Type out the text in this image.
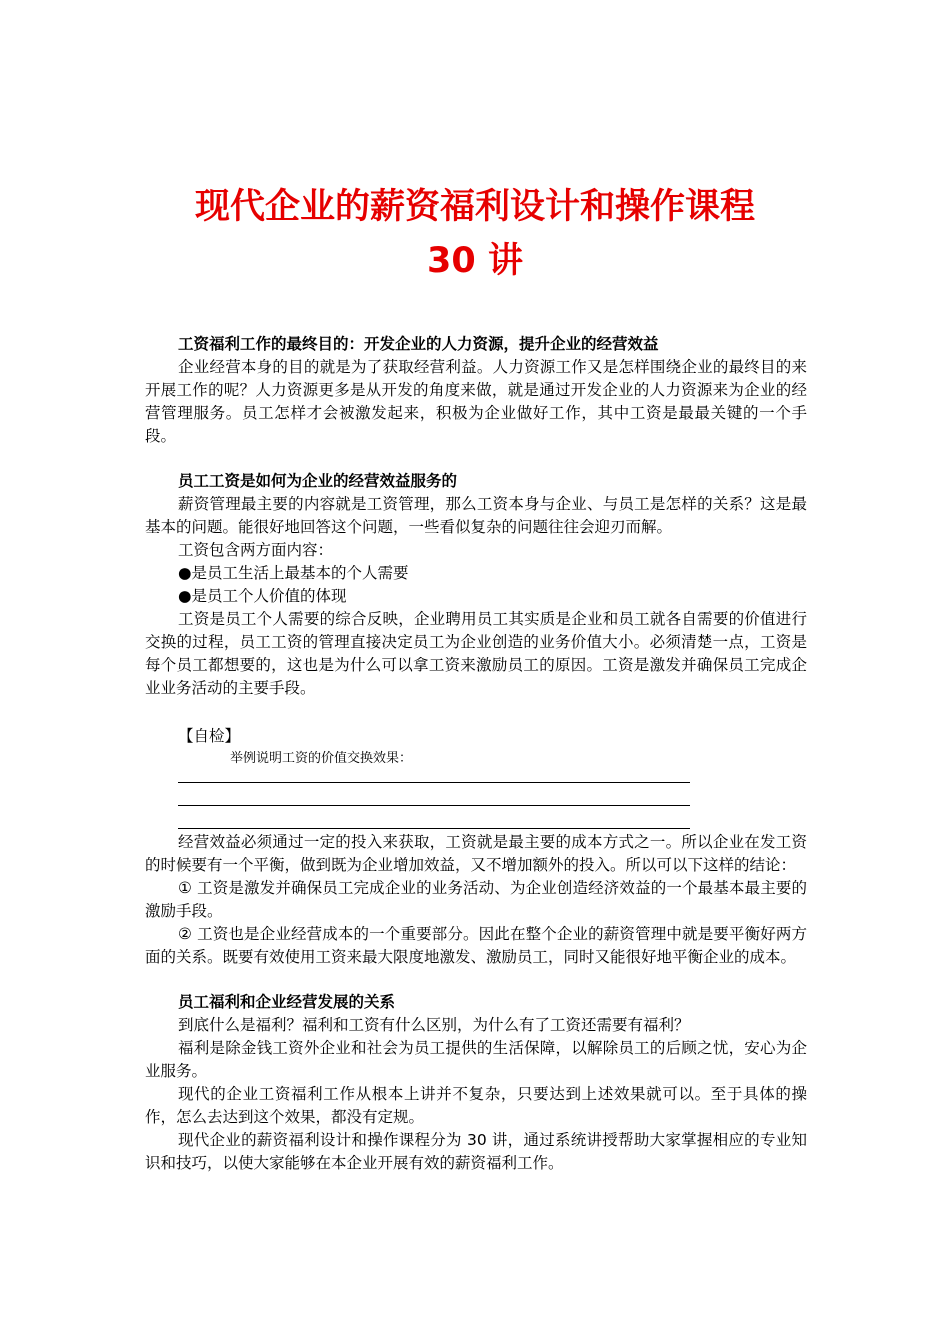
现代企业的薪资福利设计和操作课程
30 讲

工资福利工作的最终目的：开发企业的人力资源，提升企业的经营效益

企业经营本身的目的就是为了获取经营利益。人力资源工作又是怎样围绕企业的最终目的来开展工作的呢？人力资源更多是从开发的角度来做，就是通过开发企业的人力资源来为企业的经营管理服务。员工怎样才会被激发起来，积极为企业做好工作，其中工资是最最关键的一个手段。

员工工资是如何为企业的经营效益服务的

薪资管理最主要的内容就是工资管理，那么工资本身与企业、与员工是怎样的关系？这是最基本的问题。能很好地回答这个问题，一些看似复杂的问题往往会迎刃而解。

工资包含两方面内容：

●是员工生活上最基本的个人需要

●是员工个人价值的体现

工资是员工个人需要的综合反映，企业聘用员工其实质是企业和员工就各自需要的价值进行交换的过程，员工工资的管理直接决定员工为企业创造的业务价值大小。必须清楚一点，工资是每个员工都想要的，这也是为什么可以拿工资来激励员工的原因。工资是激发并确保员工完成企业业务活动的主要手段。

【自检】

举例说明工资的价值交换效果：

经营效益必须通过一定的投入来获取，工资就是最主要的成本方式之一。所以企业在发工资的时候要有一个平衡，做到既为企业增加效益，又不增加额外的投入。所以可以下这样的结论：

① 工资是激发并确保员工完成企业的业务活动、为企业创造经济效益的一个最基本最主要的激励手段。

② 工资也是企业经营成本的一个重要部分。因此在整个企业的薪资管理中就是要平衡好两方面的关系。既要有效使用工资来最大限度地激发、激励员工，同时又能很好地平衡企业的成本。

员工福利和企业经营发展的关系

到底什么是福利？福利和工资有什么区别，为什么有了工资还需要有福利？

福利是除金钱工资外企业和社会为员工提供的生活保障，以解除员工的后顾之忧，安心为企业服务。

现代的企业工资福利工作从根本上讲并不复杂，只要达到上述效果就可以。至于具体的操作，怎么去达到这个效果，都没有定规。

现代企业的薪资福利设计和操作课程分为 30 讲，通过系统讲授帮助大家掌握相应的专业知识和技巧，以使大家能够在本企业开展有效的薪资福利工作。
